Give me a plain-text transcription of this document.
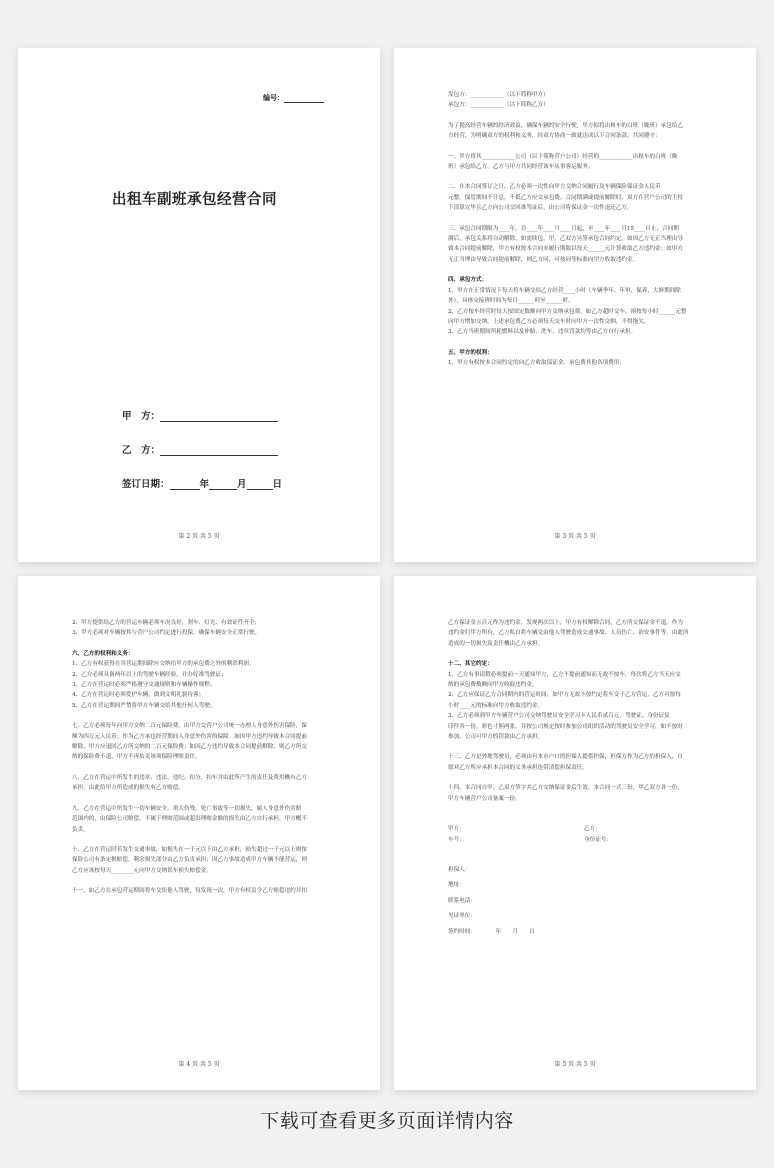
编号：
出租车副班承包经营合同
甲　方：
乙　方：
签订日期：	年	月	日
第 2 页 共 5 页
发包方：____________（以下简称甲方）
承包方：____________（以下简称乙方）
为了提高经营车辆的经济效益，确保车辆的安全行驶，甲方拟将出租车的白班（晚班）承包给乙
方经营，为明确双方的权利和义务，经双方协商一致就达成以下合同条款，共同遵守：
一、甲方将其____________公司（以下简称营户公司）经营的____________出租车的白班（晚
班）承包给乙方，乙方与甲方共同经营该车从事客运服务。
二、在本合同签订之日，乙方必须一次性向甲方交纳合同履行及车辆保险保证金人民币
元整。保管期间不计息，不抵乙方应交承包费。合同期满或提前解除时，双方在营户公司的主持
下清算完毕且乙方向公司交回准驾证后，由公司将保证金一次性退还乙方。
三、承包合同期限为____年，自____年____月____日起，至____年____月15____日止，合同期
满后，承包关系将自动解除，如需续包，甲、乙双方另签承包合同约定。如因乙方无正当理由导
致本合同提前解除，甲方有权按本合同未履行期限以每天______元计算收取乙方违约金；如甲方
无正当理由导致合同提前解除，则乙方同，可按同等标准向甲方收取违约金。
四、承包方式：
1、甲方在正常情况下每天将车辆交给乙方经营____小时（车辆季年、年审、保养、大修期间除
外），具体交接班时间为每日______时至______时。
2、乙方按车经营时每天按固定数额向甲方交纳承包费。如乙方超时交车，则按每小时______元整
向甲方增加交纳，上述承包费乙方必须每天交车时向甲方一次性交纳，不得拖欠。
3、乙方当班期间所耗燃料以及补胎、洗车、违章罚款均等由乙方自行承担。
五、甲方的权利：
1、甲方有权按本合同约定的向乙方收取保证金、承包费其他各项费用；
第 3 页 共 5 页
2、甲方提供给乙方的营运车辆必须车况良好，刹车、灯光、有效证件齐全；
3、甲方必须对车辆按其与营户公司约定进行投保，确保车辆安全正常行驶。
六、乙方的权利和义务：
1、乙方有权获得在其营运期间除应交纳给甲方的承包费之外的剩余利润；
2、乙方必须具备两年以上的驾驶车辆经验，并办好准驾驶证；
3、乙方在营运时必须严格遵守交通规则和车辆操作规程；
4、乙方在营运时必须爱护车辆，做到文明礼貌待客；
5、乙方在营运期间严禁将甲方车辆交给其他任何人驾驶；
七、乙方必须每年向甲方交纳二百元保险费，由甲方交营户公司统一办理人身意外伤害保险，保
额为四万元人民币；作为乙方承包经营期间人身意外伤害的保障。如因甲方违约导致本合同提前
解除，甲方应退回乙方所交纳的二百元保险费；如因乙方违约导致本合同提前解除，则乙方所交
纳的保险费不退，甲方不再负责该项保险理赔责任。
八、乙方在营运中所发生的违章、违法、违纪、扣分、扣车并由此所产生的责任及费用概有乙方
承担，由此给甲方所造成的损失有乙方赔偿。
九、乙方在营运中所发生一切车辆安全、重大伤残、死亡事故等一切损失，属人身意外伤害赔
范围内的，由保险公司赔偿，不属于理赔范围或超出理赔金额的损失由乙方自行承担，甲方概不
负责。
十、乙方在营运时若发生交通事故，如损失在一千元以下由乙方承担，损失超过一千元以上则按
保险公司有条定损赔偿，剩余损失部分由乙方负责承担；因乙方事故造成甲方车辆不能营运，则
乙方应该按每天________元向甲方交纳误车损失赔偿金。
十一、如乙方在承包营运期间将车交给他人驾驶，每发现一次，甲方有权责令乙方赔偿违约并扣
第 4 页 共 5 页
乙方保证金五百元作为违约金，发现两次以上，甲方有权解除合同，乙方所交保证金不退，作为
违约金归甲方所有，乙方私自将车辆交由他人驾驶造成交通事故、人员伤亡、治安事件等，由此所
造成的一切损失及责任概由乙方承担。
十二、其它约定：
1、乙方有事请假必须提前一天通知甲方，乙方不提前通知而无故不按车，每次将乙方当天应交
纳的承包费数额向甲方收取违约金。
2、乙方应保证乙方合同期内的营运时间，如甲方无故不按约定将车交于乙方营运，乙方可按每
小时____元的标准向甲方收取违约金。
3、乙方必须到甲方车辆营户公司交纳驾驶员安全学习卡人民币贰百元，驾驶证、身份证复
印件各一份，彩色寸照两张，并按公司规定按时参加公司组织活动的驾驶员安全学习，如不按时
参加，公司可甲方的罚款由乙方承担。
十三、乙方是外地驾驶员，必须由有本市户口的担保人提供担保，担保方作为乙方的担保人，自
愿对乙方所应承担本合同的义务承担连带清偿担保责任。
十四、本合同自甲、乙双方签字并乙方交纳保证金后生效。本合同一式三份，甲乙双方各一份，
甲方车辆营户公司备案一份。
甲方：	乙方：
车号：	身份证号：
担保人：
地址：
联系电话：
见证单位：
签约时间：　　　　年　　月　　日
第 5 页 共 5 页
下载可查看更多页面详情内容
